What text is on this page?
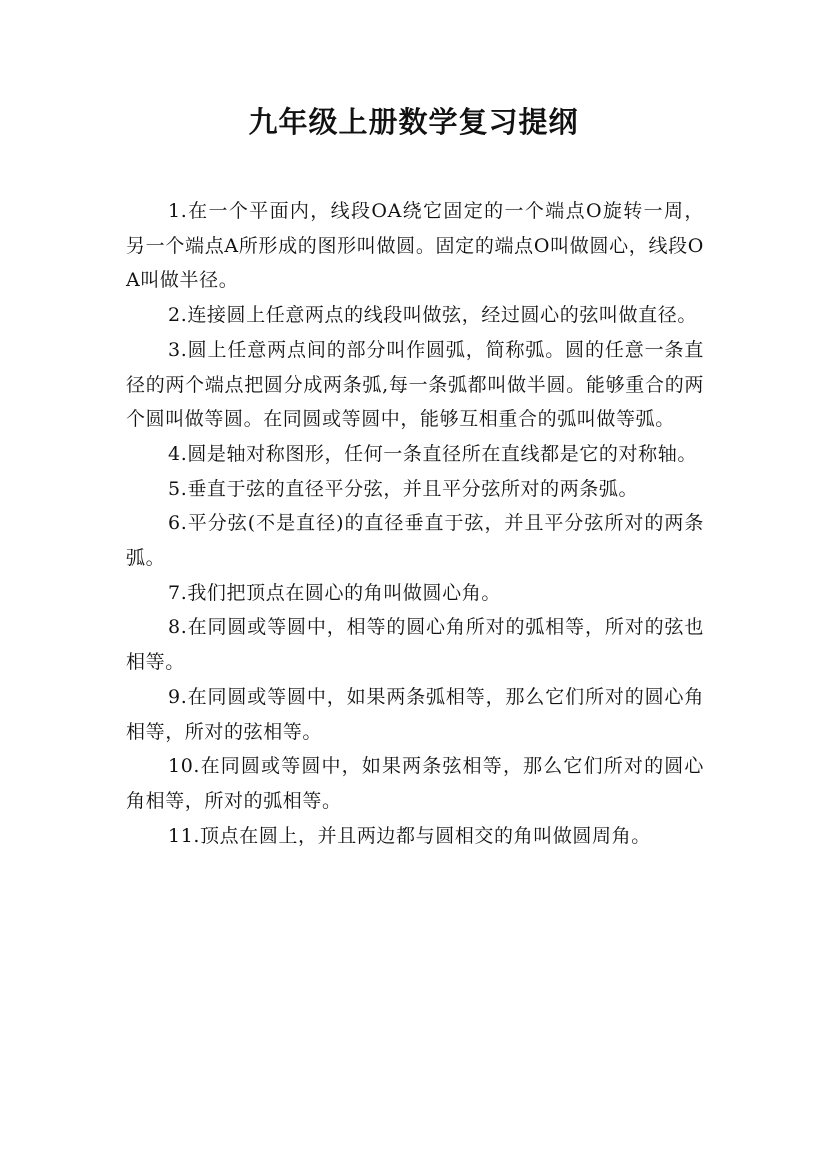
九年级上册数学复习提纲

1.在一个平面内，线段OA绕它固定的一个端点O旋转一周，另一个端点A所形成的图形叫做圆。固定的端点O叫做圆心，线段OA叫做半径。

2.连接圆上任意两点的线段叫做弦，经过圆心的弦叫做直径。

3.圆上任意两点间的部分叫作圆弧，简称弧。圆的任意一条直径的两个端点把圆分成两条弧,每一条弧都叫做半圆。能够重合的两个圆叫做等圆。在同圆或等圆中，能够互相重合的弧叫做等弧。

4.圆是轴对称图形，任何一条直径所在直线都是它的对称轴。

5.垂直于弦的直径平分弦，并且平分弦所对的两条弧。

6.平分弦(不是直径)的直径垂直于弦，并且平分弦所对的两条弧。

7.我们把顶点在圆心的角叫做圆心角。

8.在同圆或等圆中，相等的圆心角所对的弧相等，所对的弦也相等。

9.在同圆或等圆中，如果两条弧相等，那么它们所对的圆心角相等，所对的弦相等。

10.在同圆或等圆中，如果两条弦相等，那么它们所对的圆心角相等，所对的弧相等。

11.顶点在圆上，并且两边都与圆相交的角叫做圆周角。
